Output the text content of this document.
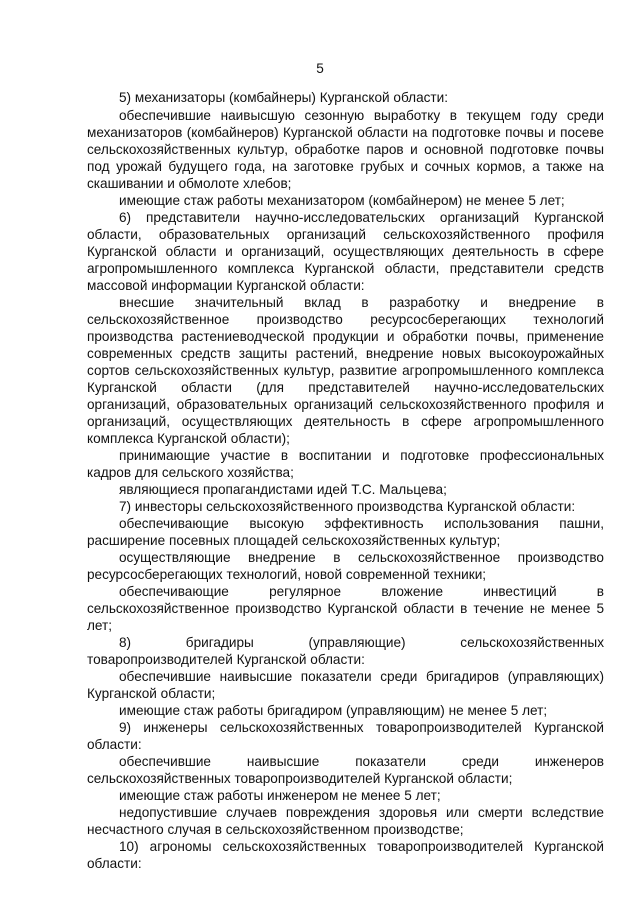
5
5) механизаторы (комбайнеры) Курганской области:
обеспечившие наивысшую сезонную выработку в текущем году среди
механизаторов (комбайнеров) Курганской области на подготовке почвы и посеве
сельскохозяйственных культур, обработке паров и основной подготовке почвы
под урожай будущего года, на заготовке грубых и сочных кормов, а также на
скашивании и обмолоте хлебов;
имеющие стаж работы механизатором (комбайнером) не менее 5 лет;
6) представители научно-исследовательских организаций Курганской
области, образовательных организаций сельскохозяйственного профиля
Курганской области и организаций, осуществляющих деятельность в сфере
агропромышленного комплекса Курганской области, представители средств
массовой информации Курганской области:
внесшие значительный вклад в разработку и внедрение в
сельскохозяйственное производство ресурсосберегающих технологий
производства растениеводческой продукции и обработки почвы, применение
современных средств защиты растений, внедрение новых высокоурожайных
сортов сельскохозяйственных культур, развитие агропромышленного комплекса
Курганской области (для представителей научно-исследовательских
организаций, образовательных организаций сельскохозяйственного профиля и
организаций, осуществляющих деятельность в сфере агропромышленного
комплекса Курганской области);
принимающие участие в воспитании и подготовке профессиональных
кадров для сельского хозяйства;
являющиеся пропагандистами идей Т.С. Мальцева;
7) инвесторы сельскохозяйственного производства Курганской области:
обеспечивающие высокую эффективность использования пашни,
расширение посевных площадей сельскохозяйственных культур;
осуществляющие внедрение в сельскохозяйственное производство
ресурсосберегающих технологий, новой современной техники;
обеспечивающие регулярное вложение инвестиций в
сельскохозяйственное производство Курганской области в течение не менее 5
лет;
8) бригадиры (управляющие) сельскохозяйственных
товаропроизводителей Курганской области:
обеспечившие наивысшие показатели среди бригадиров (управляющих)
Курганской области;
имеющие стаж работы бригадиром (управляющим) не менее 5 лет;
9) инженеры сельскохозяйственных товаропроизводителей Курганской
области:
обеспечившие наивысшие показатели среди инженеров
сельскохозяйственных товаропроизводителей Курганской области;
имеющие стаж работы инженером не менее 5 лет;
недопустившие случаев повреждения здоровья или смерти вследствие
несчастного случая в сельскохозяйственном производстве;
10) агрономы сельскохозяйственных товаропроизводителей Курганской
области:
